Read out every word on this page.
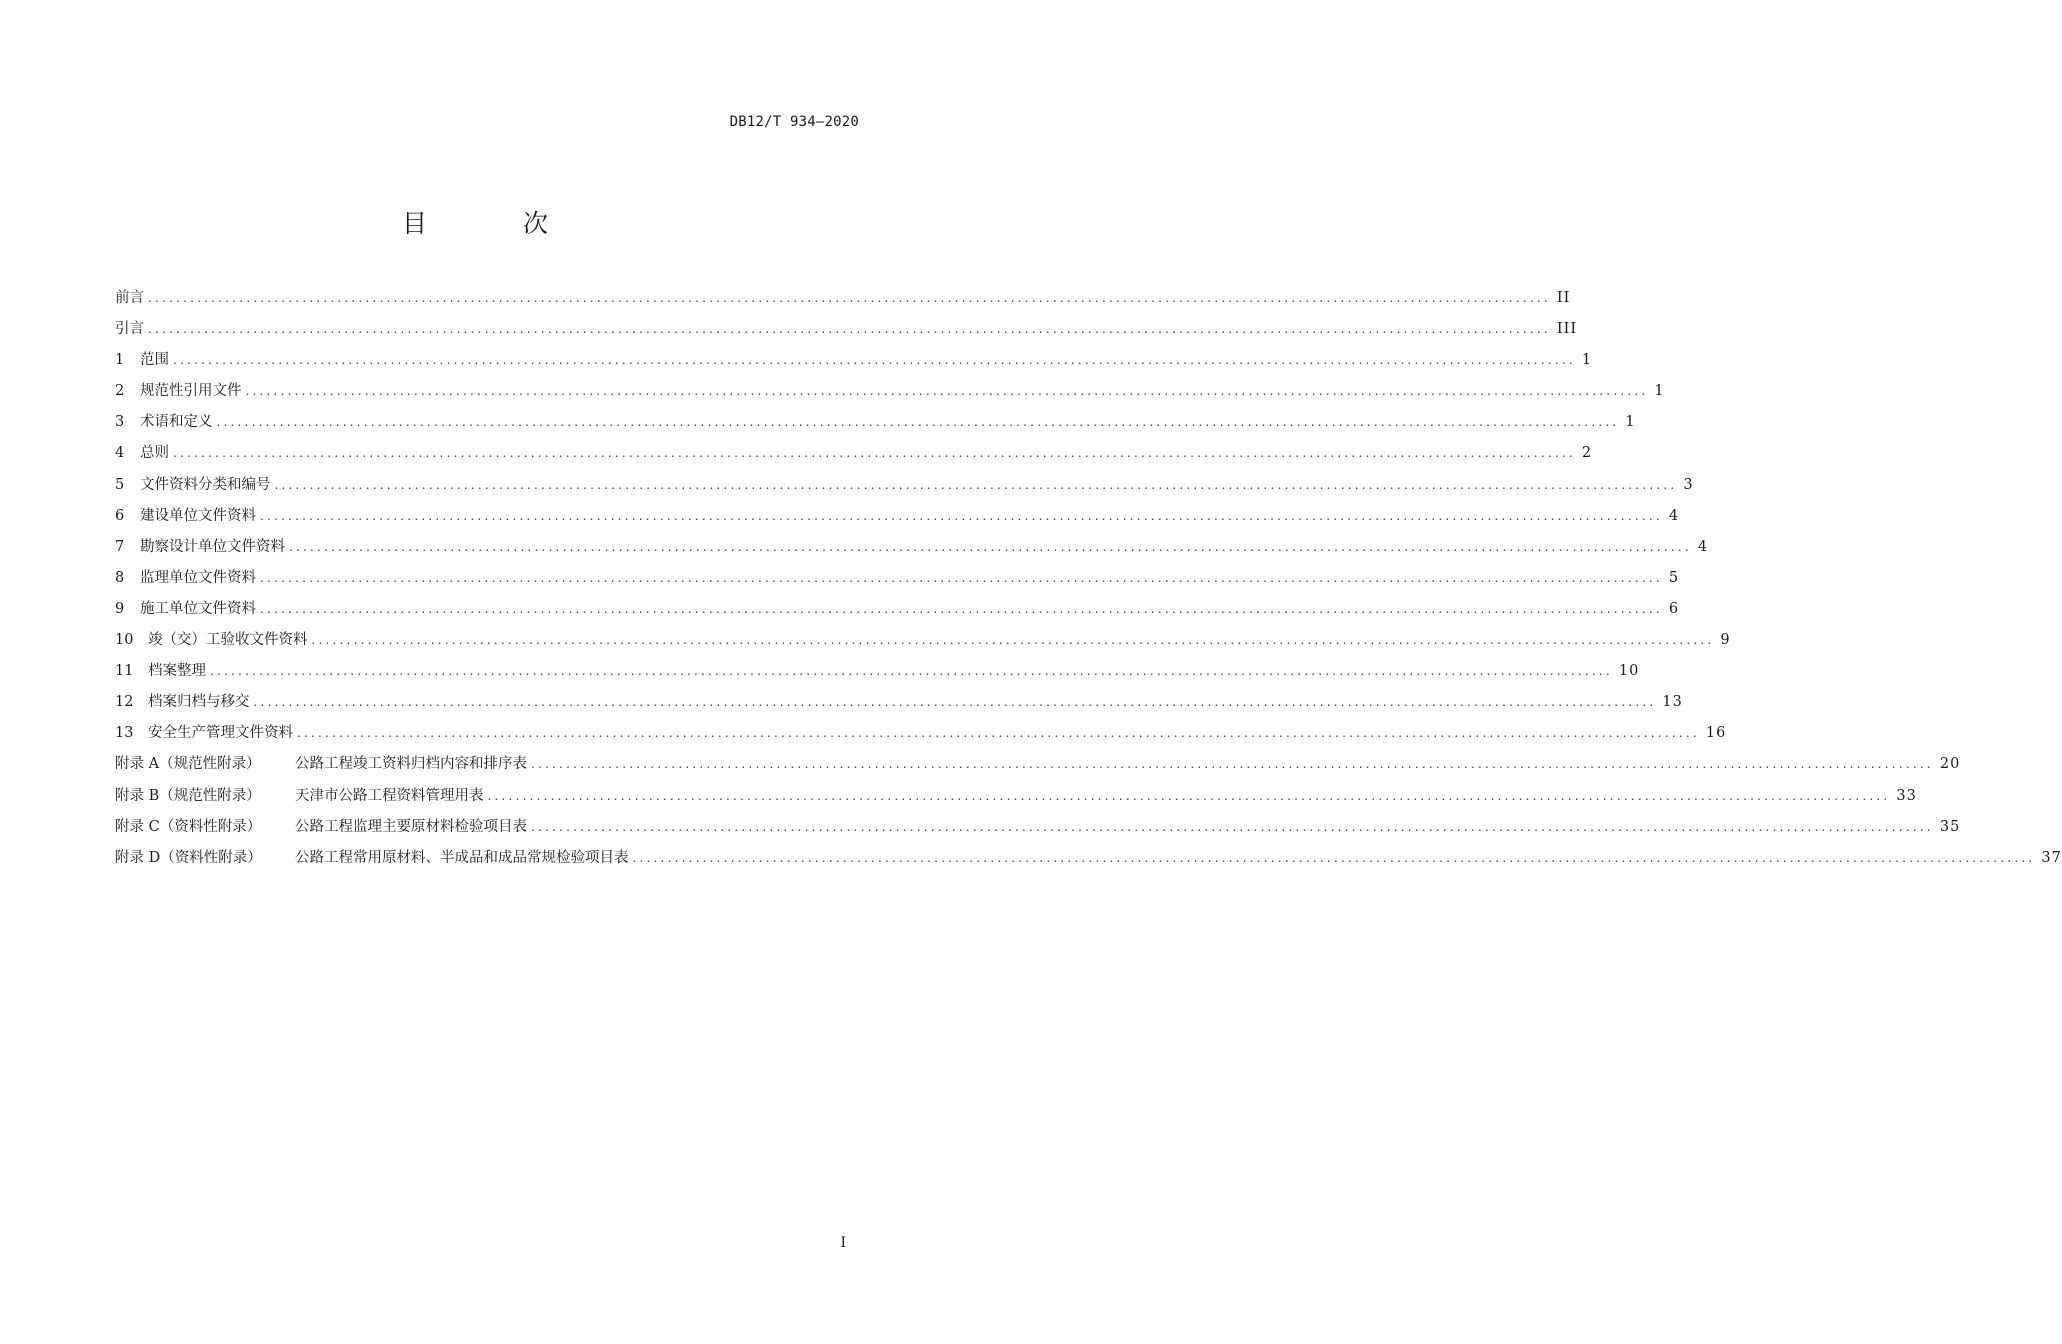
DB12/T 934—2020
目 次
前言 ........................................................................................................................................................................................................ II
引言 ........................................................................................................................................................................................................ III
1	范围 ........................................................................................................................................................................................................ 1
2	规范性引用文件 ........................................................................................................................................................................................................ 1
3	术语和定义 ........................................................................................................................................................................................................ 1
4	总则 ........................................................................................................................................................................................................ 2
5	文件资料分类和编号 ........................................................................................................................................................................................................ 3
6	建设单位文件资料 ........................................................................................................................................................................................................ 4
7	勘察设计单位文件资料 ........................................................................................................................................................................................................ 4
8	监理单位文件资料 ........................................................................................................................................................................................................ 5
9	施工单位文件资料 ........................................................................................................................................................................................................ 6
10	竣（交）工验收文件资料 ........................................................................................................................................................................................................ 9
11	档案整理 ........................................................................................................................................................................................................ 10
12	档案归档与移交 ........................................................................................................................................................................................................ 13
13	安全生产管理文件资料 ........................................................................................................................................................................................................ 16
附录 A（规范性附录）	公路工程竣工资料归档内容和排序表 ........................................................................................................................................................................................................ 20
附录 B（规范性附录）	天津市公路工程资料管理用表 ........................................................................................................................................................................................................ 33
附录 C（资料性附录）	公路工程监理主要原材料检验项目表 ........................................................................................................................................................................................................ 35
附录 D（资料性附录）	公路工程常用原材料、半成品和成品常规检验项目表 ........................................................................................................................................................................................................ 37
I
